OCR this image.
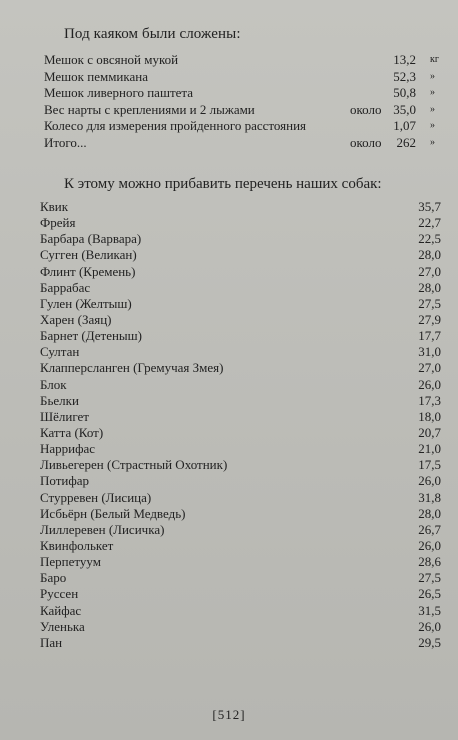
Под каяком были сложены:
Мешок с овсяной мукой	13,2 кг
Мешок пеммикана	52,3 »
Мешок ливерного паштета	50,8 »
Вес нарты с креплениями и 2 лыжами	около 35,0 »
Колесо для измерения пройденного расстояния	1,07 »
Итого...	около 262 »
К этому можно прибавить перечень наших собак:
Квик	35,7
Фрейя	22,7
Барбара (Варвара)	22,5
Сугген (Великан)	28,0
Флинт (Кремень)	27,0
Баррабас	28,0
Гулен (Желтыш)	27,5
Харен (Заяц)	27,9
Барнет (Детеныш)	17,7
Султан	31,0
Клапперсланген (Гремучая Змея)	27,0
Блок	26,0
Бьелки	17,3
Шёлигет	18,0
Катта (Кот)	20,7
Наррифас	21,0
Ливьегерен (Страстный Охотник)	17,5
Потифар	26,0
Стурревен (Лисица)	31,8
Исбьёрн (Белый Медведь)	28,0
Лиллеревен (Лисичка)	26,7
Квинфолькет	26,0
Перпетуум	28,6
Баро	27,5
Руссен	26,5
Кайфас	31,5
Уленька	26,0
Пан	29,5
[512]
